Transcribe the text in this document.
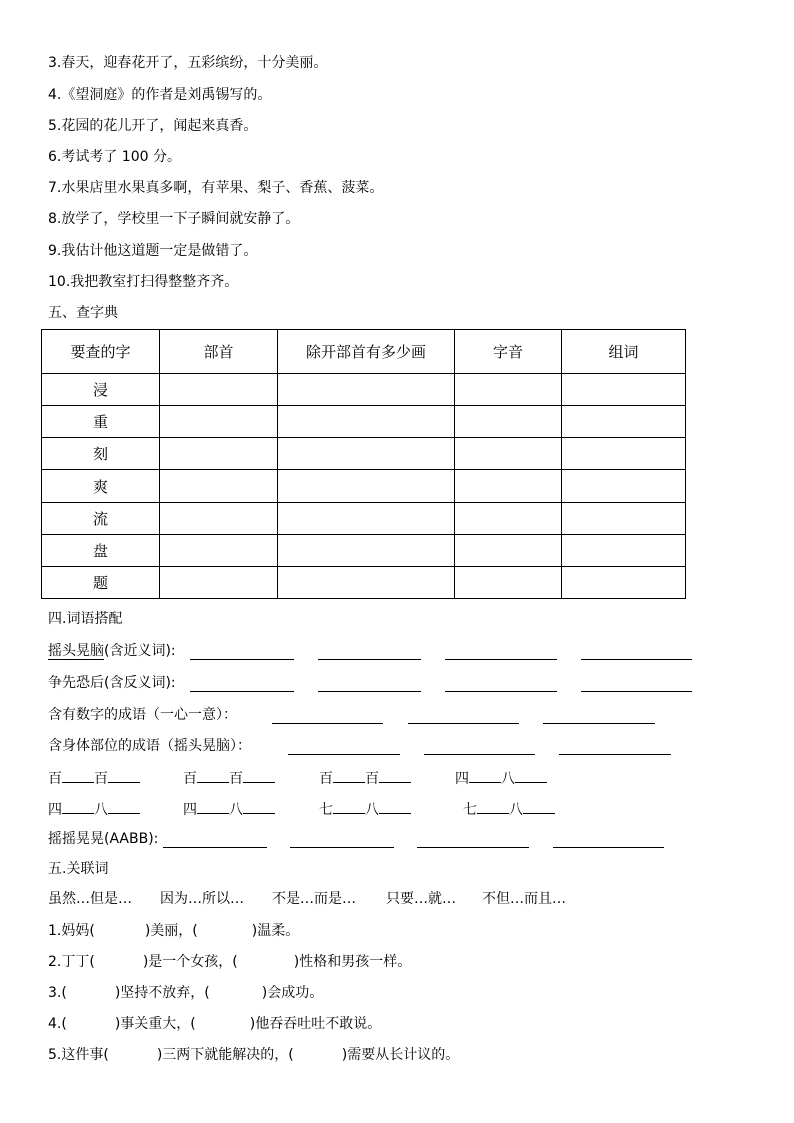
3.春天，迎春花开了，五彩缤纷，十分美丽。
4.《望洞庭》的作者是刘禹锡写的。
5.花园的花儿开了，闻起来真香。
6.考试考了 100 分。
7.水果店里水果真多啊，有苹果、梨子、香蕉、菠菜。
8.放学了，学校里一下子瞬间就安静了。
9.我估计他这道题一定是做错了。
10.我把教室打扫得整整齐齐。
五、查字典
要查的字	部首	除开部首有多少画	字音	组词
浸				
重				
刻				
爽				
流				
盘				
题				
四.词语搭配
摇头晃脑(含近义词):
争先恐后(含反义词):
含有数字的成语（一心一意）：
含身体部位的成语（摇头晃脑）：
百 百	百 百	百 百	四 八
四 八	四 八	七 八	七 八
摇摇晃晃(AABB):
五.关联词
虽然…但是… 因为…所以… 不是…而是… 只要…就… 不但…而且…
1.妈妈(	)美丽，(	)温柔。
2.丁丁(	)是一个女孩，(	)性格和男孩一样。
3.(	)坚持不放弃，(	)会成功。
4.(	)事关重大，(	)他吞吞吐吐不敢说。
5.这件事(	)三两下就能解决的，(	)需要从长计议的。
